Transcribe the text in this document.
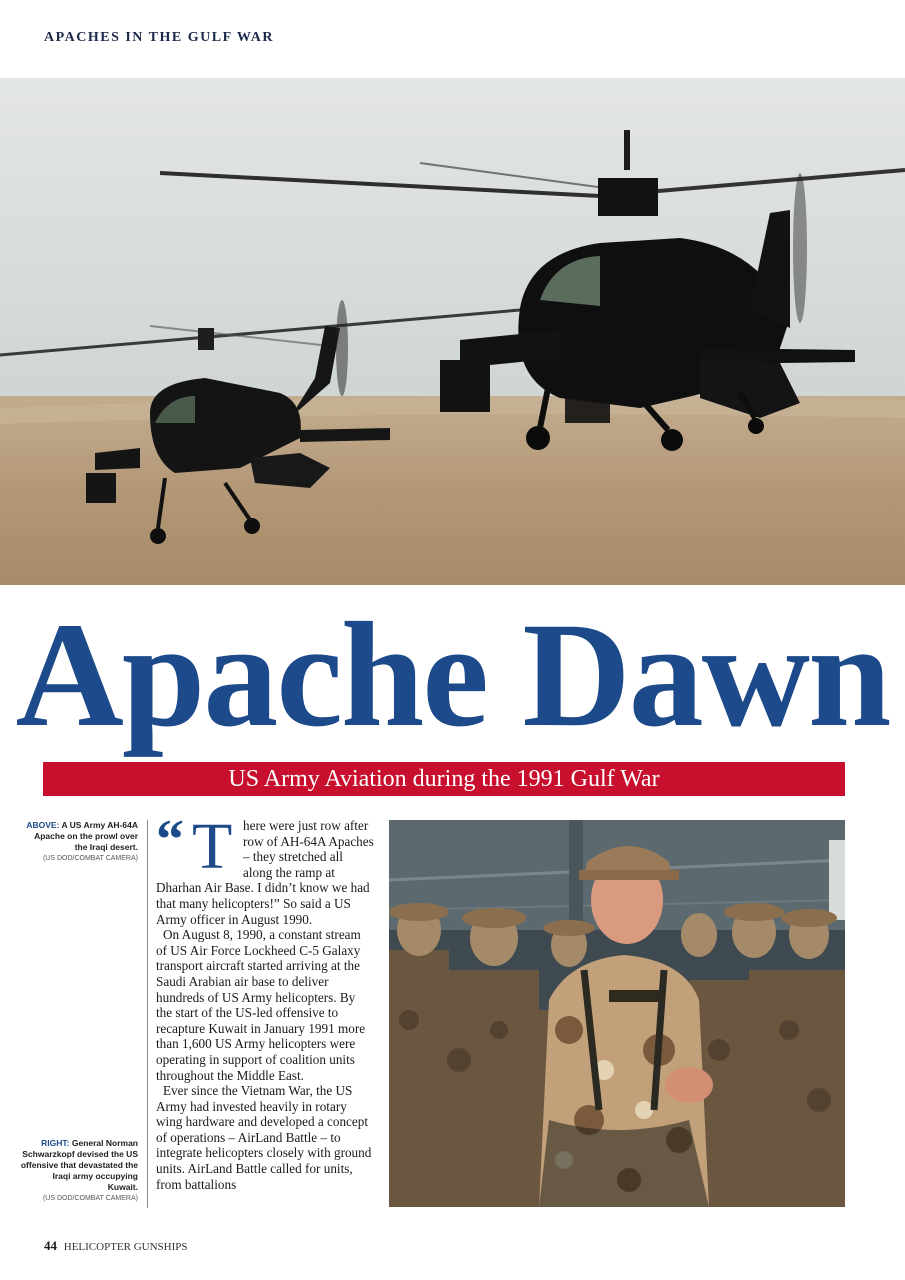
APACHES IN THE GULF WAR
Apache Dawn
US Army Aviation during the 1991 Gulf War
ABOVE: A US Army AH-64A Apache on the prowl over the Iraqi desert.
(US DOD/COMBAT CAMERA)
RIGHT: General Norman Schwarzkopf devised the US offensive that devastated the Iraqi army occupying Kuwait.
(US DOD/COMBAT CAMERA)
“ T here were just row after row of AH-64A Apaches – they stretched all along the ramp at Dharhan Air Base. I didn’t know we had that many helicopters!” So said a US Army officer in August 1990.

On August 8, 1990, a constant stream of US Air Force Lockheed C-5 Galaxy transport aircraft started arriving at the Saudi Arabian air base to deliver hundreds of US Army helicopters. By the start of the US-led offensive to recapture Kuwait in January 1991 more than 1,600 US Army helicopters were operating in support of coalition units throughout the Middle East.

Ever since the Vietnam War, the US Army had invested heavily in rotary wing hardware and developed a concept of operations – AirLand Battle – to integrate helicopters closely with ground units. AirLand Battle called for units, from battalions

44 HELICOPTER GUNSHIPS
